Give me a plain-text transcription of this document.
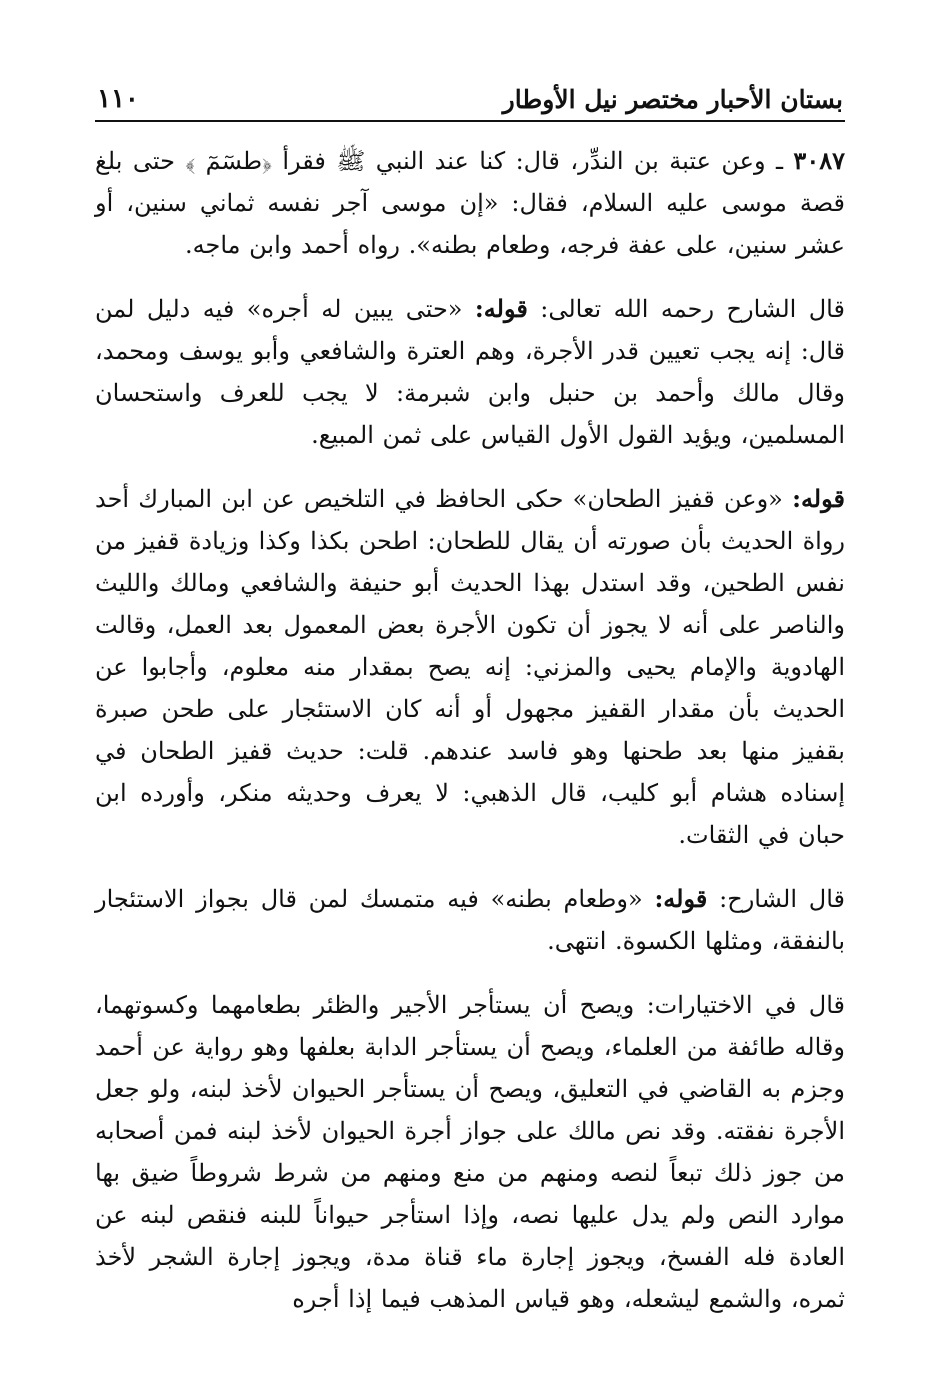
بستان الأحبار مختصر نيل الأوطار
١١٠

٣٠٨٧ ـ وعن عتبة بن الندِّر، قال: كنا عند النبي ﷺ فقرأ ﴿طسٓمٓ ﴾ حتى بلغ قصة موسى عليه السلام، فقال: «إن موسى آجر نفسه ثماني سنين، أو عشر سنين، على عفة فرجه، وطعام بطنه». رواه أحمد وابن ماجه.

قال الشارح رحمه الله تعالى: قوله: «حتى يبين له أجره» فيه دليل لمن قال: إنه يجب تعيين قدر الأجرة، وهم العترة والشافعي وأبو يوسف ومحمد، وقال مالك وأحمد بن حنبل وابن شبرمة: لا يجب للعرف واستحسان المسلمين، ويؤيد القول الأول القياس على ثمن المبيع.

قوله: «وعن قفيز الطحان» حكى الحافظ في التلخيص عن ابن المبارك أحد رواة الحديث بأن صورته أن يقال للطحان: اطحن بكذا وكذا وزيادة قفيز من نفس الطحين، وقد استدل بهذا الحديث أبو حنيفة والشافعي ومالك والليث والناصر على أنه لا يجوز أن تكون الأجرة بعض المعمول بعد العمل، وقالت الهادوية والإمام يحيى والمزني: إنه يصح بمقدار منه معلوم، وأجابوا عن الحديث بأن مقدار القفيز مجهول أو أنه كان الاستئجار على طحن صبرة بقفيز منها بعد طحنها وهو فاسد عندهم. قلت: حديث قفيز الطحان في إسناده هشام أبو كليب، قال الذهبي: لا يعرف وحديثه منكر، وأورده ابن حبان في الثقات.

قال الشارح: قوله: «وطعام بطنه» فيه متمسك لمن قال بجواز الاستئجار بالنفقة، ومثلها الكسوة. انتهى.

قال في الاختيارات: ويصح أن يستأجر الأجير والظئر بطعامهما وكسوتهما، وقاله طائفة من العلماء، ويصح أن يستأجر الدابة بعلفها وهو رواية عن أحمد وجزم به القاضي في التعليق، ويصح أن يستأجر الحيوان لأخذ لبنه، ولو جعل الأجرة نفقته. وقد نص مالك على جواز أجرة الحيوان لأخذ لبنه فمن أصحابه من جوز ذلك تبعاً لنصه ومنهم من منع ومنهم من شرط شروطاً ضيق بها موارد النص ولم يدل عليها نصه، وإذا استأجر حيواناً للبنه فنقص لبنه عن العادة فله الفسخ، ويجوز إجارة ماء قناة مدة، ويجوز إجارة الشجر لأخذ ثمره، والشمع ليشعله، وهو قياس المذهب فيما إذا أجره
